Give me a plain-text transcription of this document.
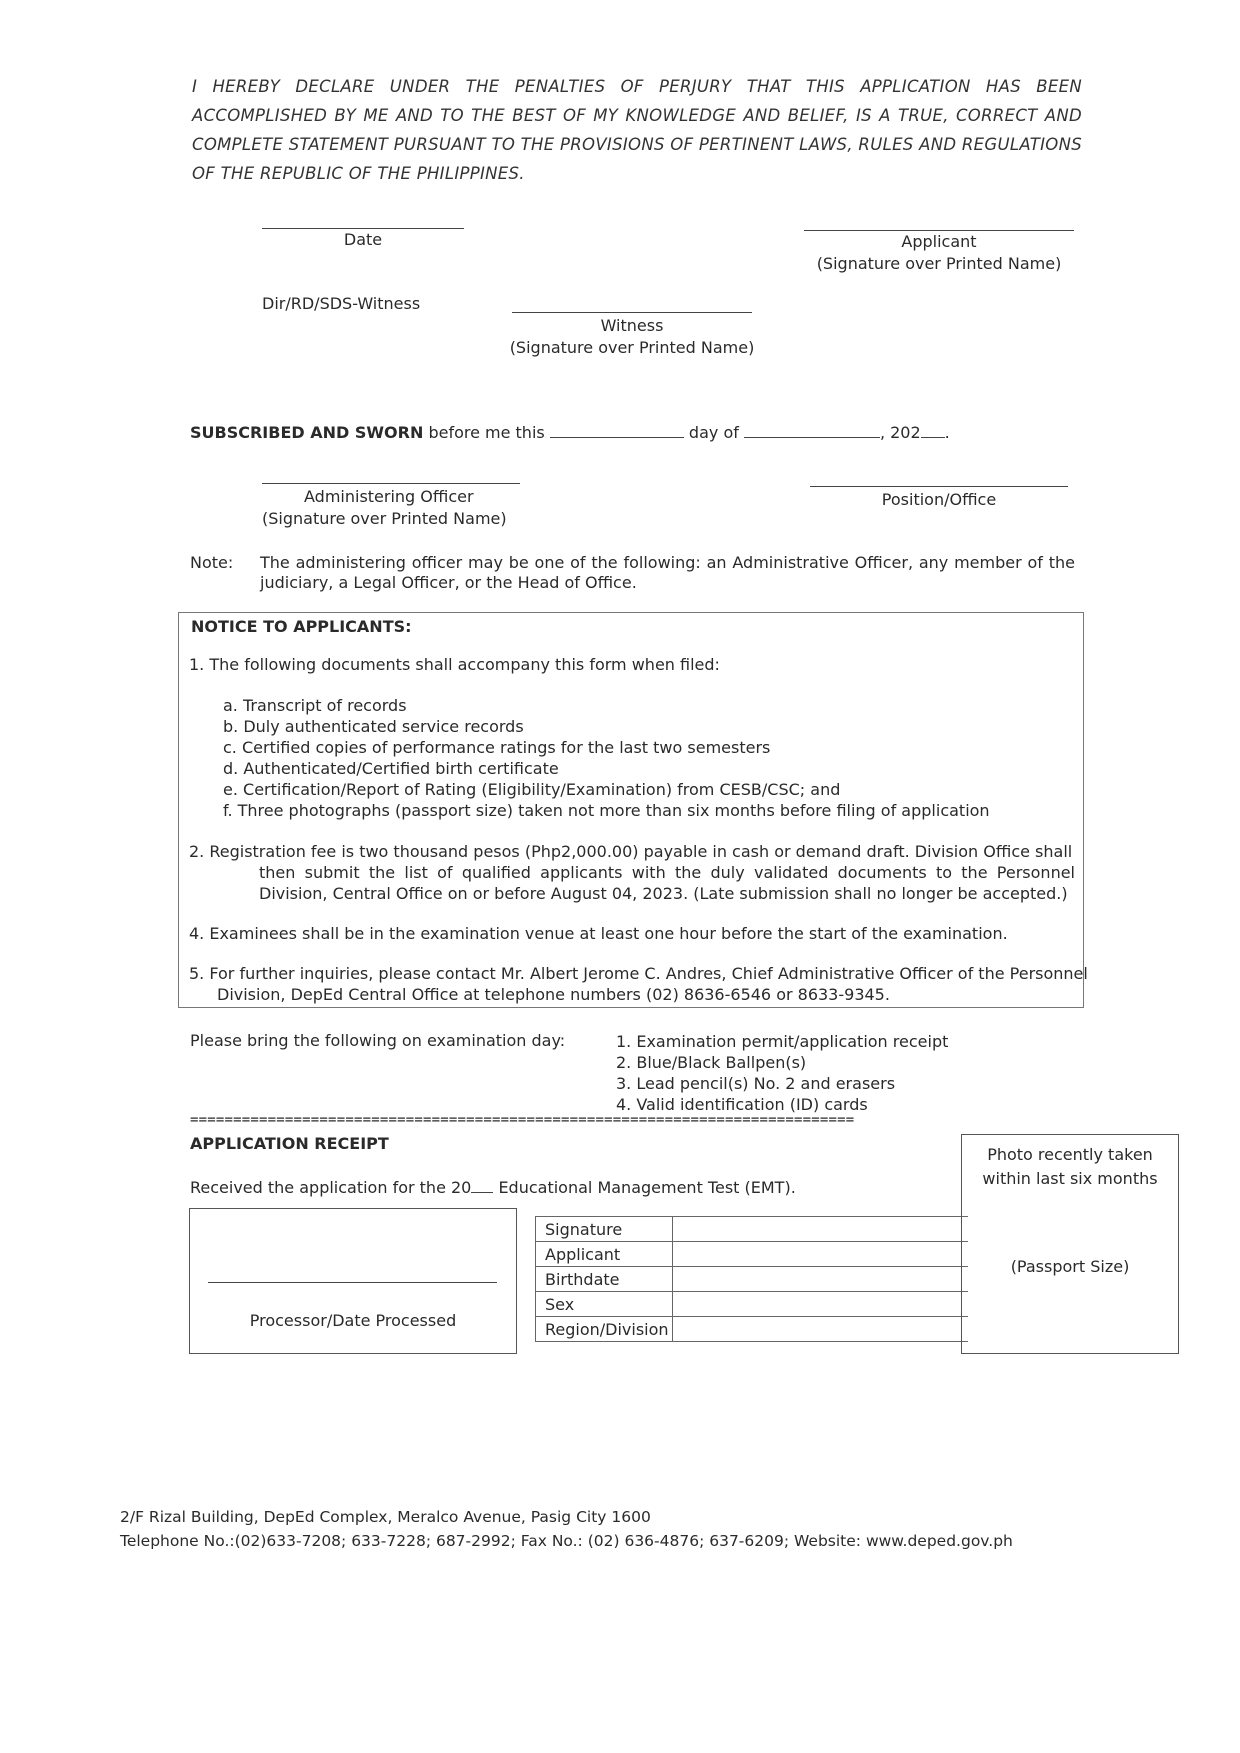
I HEREBY DECLARE UNDER THE PENALTIES OF PERJURY THAT THIS APPLICATION HAS BEEN ACCOMPLISHED BY ME AND TO THE BEST OF MY KNOWLEDGE AND BELIEF, IS A TRUE, CORRECT AND COMPLETE STATEMENT PURSUANT TO THE PROVISIONS OF PERTINENT LAWS, RULES AND REGULATIONS OF THE REPUBLIC OF THE PHILIPPINES.
Date	Applicant
(Signature over Printed Name)
Dir/RD/SDS-Witness
Witness
(Signature over Printed Name)
SUBSCRIBED AND SWORN before me this	day of	, 202 .
Administering Officer
(Signature over Printed Name)
Position/Office
Note: The administering officer may be one of the following: an Administrative Officer, any member of the judiciary, a Legal Officer, or the Head of Office.
NOTICE TO APPLICANTS:
1. The following documents shall accompany this form when filed:
a. Transcript of records
b. Duly authenticated service records
c. Certified copies of performance ratings for the last two semesters
d. Authenticated/Certified birth certificate
e. Certification/Report of Rating (Eligibility/Examination) from CESB/CSC; and
f. Three photographs (passport size) taken not more than six months before filing of application
2. Registration fee is two thousand pesos (Php2,000.00) payable in cash or demand draft. Division Office shall
then submit the list of qualified applicants with the duly validated documents to the Personnel Division, Central Office on or before August 04, 2023. (Late submission shall no longer be accepted.)
4. Examinees shall be in the examination venue at least one hour before the start of the examination.
5. For further inquiries, please contact Mr. Albert Jerome C. Andres, Chief Administrative Officer of the Personnel
Division, DepEd Central Office at telephone numbers (02) 8636-6546 or 8633-9345.
Please bring the following on examination day:	1. Examination permit/application receipt
2. Blue/Black Ballpen(s)
3. Lead pencil(s) No. 2 and erasers
4. Valid identification (ID) cards
=============================================================================
APPLICATION RECEIPT
Received the application for the 20 Educational Management Test (EMT).
Processor/Date Processed
Signature	
Applicant	
Birthdate	
Sex	
Region/Division	
Photo recently taken
within last six months
(Passport Size)
2/F Rizal Building, DepEd Complex, Meralco Avenue, Pasig City 1600
Telephone No.:(02)633-7208; 633-7228; 687-2992; Fax No.: (02) 636-4876; 637-6209; Website: www.deped.gov.ph
